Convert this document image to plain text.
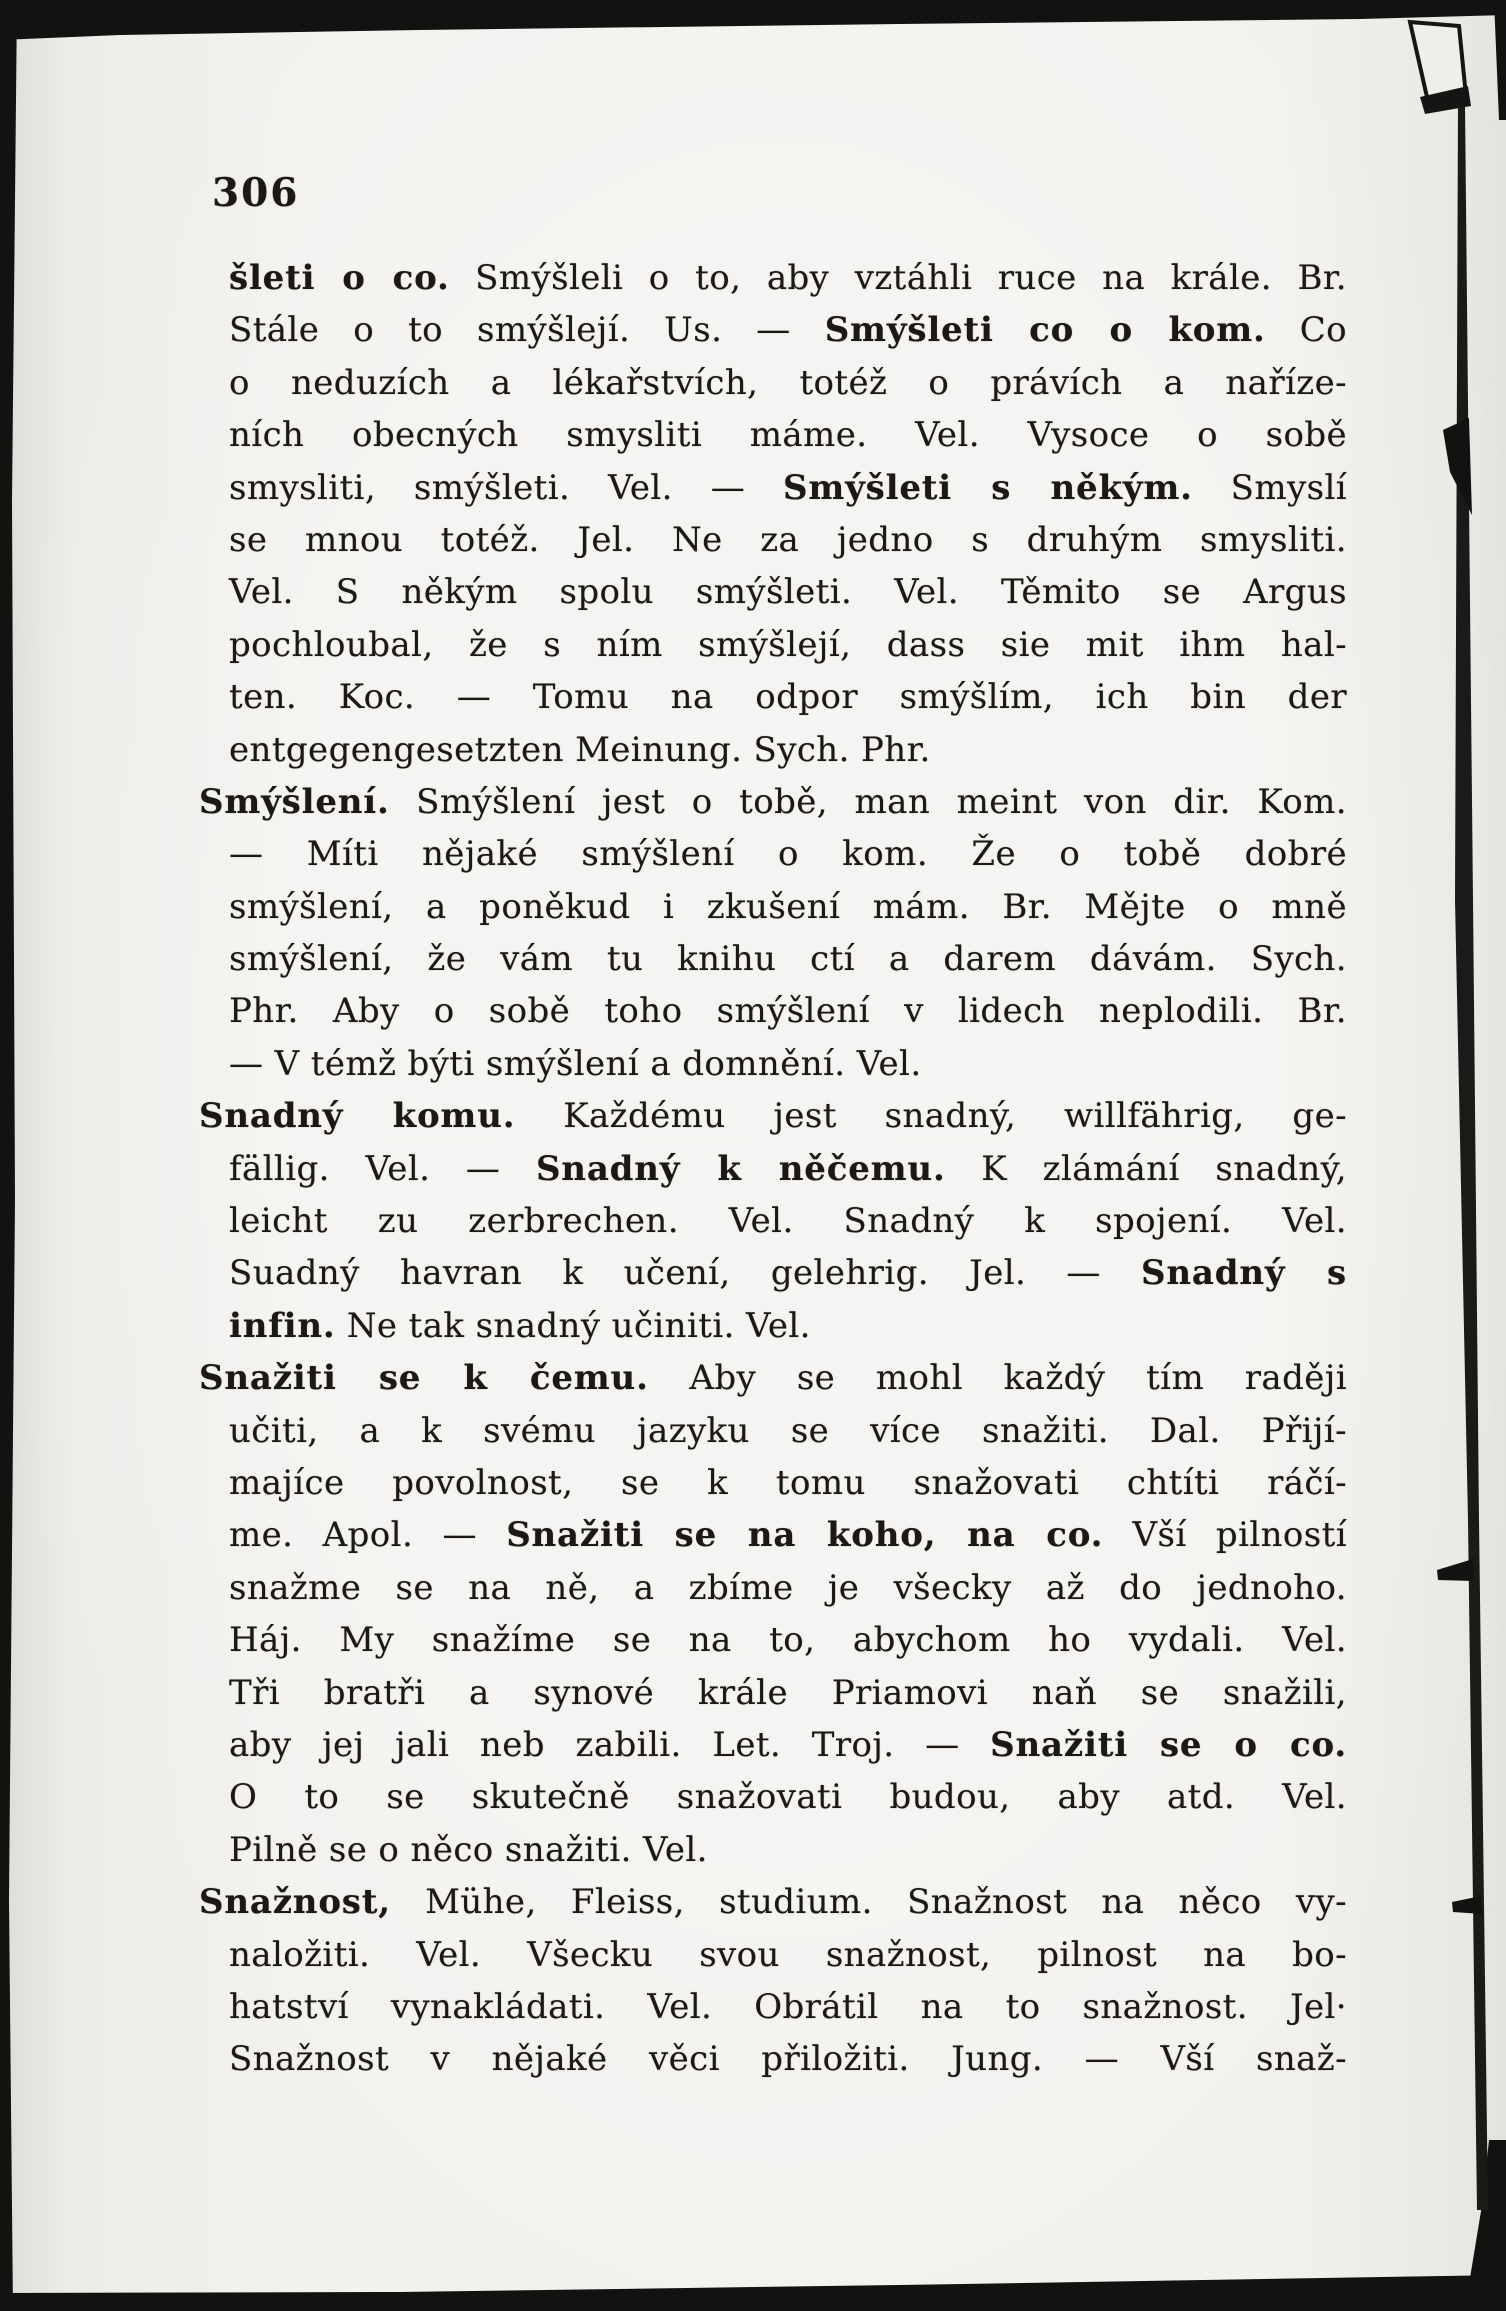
306
šleti o co. Smýšleli o to, aby vztáhli ruce na krále. Br.
Stále o to smýšlejí. Us. — Smýšleti co o kom. Co
o neduzích a lékařstvích, totéž o právích a naříze-
ních obecných smysliti máme. Vel. Vysoce o sobě
smysliti, smýšleti. Vel. — Smýšleti s někým. Smyslí
se mnou totéž. Jel. Ne za jedno s druhým smysliti.
Vel. S někým spolu smýšleti. Vel. Těmito se Argus
pochloubal, že s ním smýšlejí, dass sie mit ihm hal-
ten. Koc. — Tomu na odpor smýšlím, ich bin der
entgegengesetzten Meinung. Sych. Phr.
Smýšlení. Smýšlení jest o tobě, man meint von dir. Kom.
— Míti nějaké smýšlení o kom. Že o tobě dobré
smýšlení, a poněkud i zkušení mám. Br. Mějte o mně
smýšlení, že vám tu knihu ctí a darem dávám. Sych.
Phr. Aby o sobě toho smýšlení v lidech neplodili. Br.
— V témž býti smýšlení a domnění. Vel.
Snadný komu. Každému jest snadný, willfährig, ge-
fällig. Vel. — Snadný k něčemu. K zlámání snadný,
leicht zu zerbrechen. Vel. Snadný k spojení. Vel.
Suadný havran k učení, gelehrig. Jel. — Snadný s
infin. Ne tak snadný učiniti. Vel.
Snažiti se k čemu. Aby se mohl každý tím raději
učiti, a k svému jazyku se více snažiti. Dal. Přijí-
majíce povolnost, se k tomu snažovati chtíti ráčí-
me. Apol. — Snažiti se na koho, na co. Vší pilností
snažme se na ně, a zbíme je všecky až do jednoho.
Háj. My snažíme se na to, abychom ho vydali. Vel.
Tři bratři a synové krále Priamovi naň se snažili,
aby jej jali neb zabili. Let. Troj. — Snažiti se o co.
O to se skutečně snažovati budou, aby atd. Vel.
Pilně se o něco snažiti. Vel.
Snažnost, Mühe, Fleiss, studium. Snažnost na něco vy-
naložiti. Vel. Všecku svou snažnost, pilnost na bo-
hatství vynakládati. Vel. Obrátil na to snažnost. Jel·
Snažnost v nějaké věci přiložiti. Jung. — Vší snaž-
